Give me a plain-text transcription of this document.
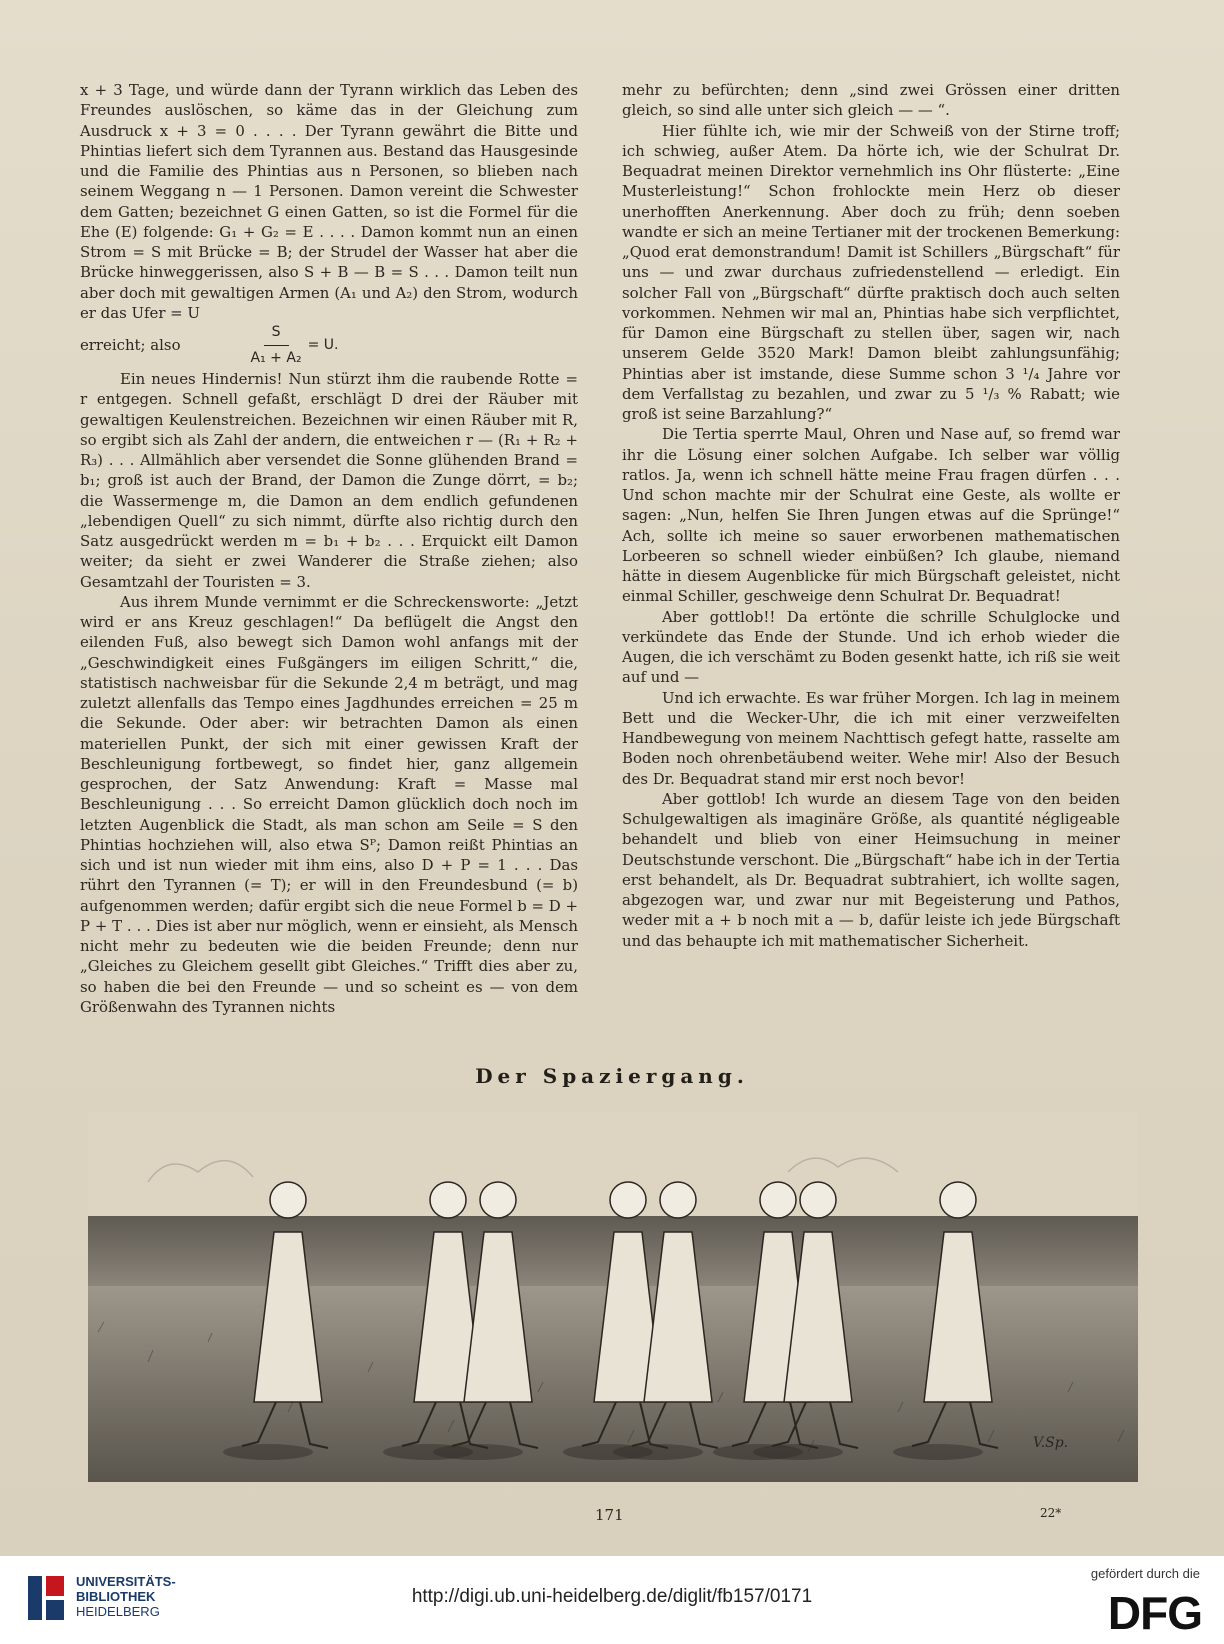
x + 3 Tage, und würde dann der Tyrann wirklich das Leben des Freundes auslöschen, so käme das in der Gleichung zum Ausdruck x + 3 = 0 . . . . Der Tyrann gewährt die Bitte und Phintias liefert sich dem Tyrannen aus. Bestand das Hausgesinde und die Familie des Phintias aus n Personen, so blieben nach seinem Weggang n — 1 Personen. Damon vereint die Schwester dem Gatten; bezeichnet G einen Gatten, so ist die Formel für die Ehe (E) folgende: G₁ + G₂ = E . . . . Damon kommt nun an einen Strom = S mit Brücke = B; der Strudel der Wasser hat aber die Brücke hinweggerissen, also S + B — B = S . . . Damon teilt nun aber doch mit gewaltigen Armen (A₁ und A₂) den Strom, wodurch er das Ufer = U

erreicht; also	$\frac{S}{\text{A₁ + A₂}} = U$.

Ein neues Hindernis! Nun stürzt ihm die raubende Rotte = r entgegen. Schnell gefaßt, erschlägt D drei der Räuber mit gewaltigen Keulenstreichen. Bezeichnen wir einen Räuber mit R, so ergibt sich als Zahl der andern, die entweichen r — (R₁ + R₂ + R₃) . . . Allmählich aber versendet die Sonne glühenden Brand = b₁; groß ist auch der Brand, der Damon die Zunge dörrt, = b₂; die Wassermenge m, die Damon an dem endlich gefundenen „lebendigen Quell“ zu sich nimmt, dürfte also richtig durch den Satz ausgedrückt werden m = b₁ + b₂ . . . Erquickt eilt Damon weiter; da sieht er zwei Wanderer die Straße ziehen; also Gesamtzahl der Touristen = 3.

Aus ihrem Munde vernimmt er die Schreckensworte: „Jetzt wird er ans Kreuz geschlagen!“ Da beflügelt die Angst den eilenden Fuß, also bewegt sich Damon wohl anfangs mit der „Geschwindigkeit eines Fußgängers im eiligen Schritt,“ die, statistisch nachweisbar für die Sekunde 2,4 m beträgt, und mag zuletzt allenfalls das Tempo eines Jagdhundes erreichen = 25 m die Sekunde. Oder aber: wir betrachten Damon als einen materiellen Punkt, der sich mit einer gewissen Kraft der Beschleunigung fortbewegt, so findet hier, ganz allgemein gesprochen, der Satz Anwendung: Kraft = Masse mal Beschleunigung . . . So erreicht Damon glücklich doch noch im letzten Augenblick die Stadt, als man schon am Seile = S den Phintias hochziehen will, also etwa Sᴾ; Damon reißt Phintias an sich und ist nun wieder mit ihm eins, also D + P = 1 . . . Das rührt den Tyrannen (= T); er will in den Freundesbund (= b) aufgenommen werden; dafür ergibt sich die neue Formel b = D + P + T . . . Dies ist aber nur möglich, wenn er einsieht, als Mensch nicht mehr zu bedeuten wie die beiden Freunde; denn nur „Gleiches zu Gleichem gesellt gibt Gleiches.“ Trifft dies aber zu, so haben die bei den Freunde — und so scheint es — von dem Größenwahn des Tyrannen nichts

mehr zu befürchten; denn „sind zwei Grössen einer dritten gleich, so sind alle unter sich gleich — — “.

Hier fühlte ich, wie mir der Schweiß von der Stirne troff; ich schwieg, außer Atem. Da hörte ich, wie der Schulrat Dr. Bequadrat meinen Direktor vernehmlich ins Ohr flüsterte: „Eine Musterleistung!“ Schon frohlockte mein Herz ob dieser unerhofften Anerkennung. Aber doch zu früh; denn soeben wandte er sich an meine Tertianer mit der trockenen Bemerkung: „Quod erat demonstrandum! Damit ist Schillers „Bürgschaft“ für uns — und zwar durchaus zufriedenstellend — erledigt. Ein solcher Fall von „Bürgschaft“ dürfte praktisch doch auch selten vorkommen. Nehmen wir mal an, Phintias habe sich verpflichtet, für Damon eine Bürgschaft zu stellen über, sagen wir, nach unserem Gelde 3520 Mark! Damon bleibt zahlungsunfähig; Phintias aber ist imstande, diese Summe schon 3 ¹/₄ Jahre vor dem Verfallstag zu bezahlen, und zwar zu 5 ¹/₃ % Rabatt; wie groß ist seine Barzahlung?“

Die Tertia sperrte Maul, Ohren und Nase auf, so fremd war ihr die Lösung einer solchen Aufgabe. Ich selber war völlig ratlos. Ja, wenn ich schnell hätte meine Frau fragen dürfen . . . Und schon machte mir der Schulrat eine Geste, als wollte er sagen: „Nun, helfen Sie Ihren Jungen etwas auf die Sprünge!“ Ach, sollte ich meine so sauer erworbenen mathematischen Lorbeeren so schnell wieder einbüßen? Ich glaube, niemand hätte in diesem Augenblicke für mich Bürgschaft geleistet, nicht einmal Schiller, geschweige denn Schulrat Dr. Bequadrat!

Aber gottlob!! Da ertönte die schrille Schulglocke und verkündete das Ende der Stunde. Und ich erhob wieder die Augen, die ich verschämt zu Boden gesenkt hatte, ich riß sie weit auf und —

Und ich erwachte. Es war früher Morgen. Ich lag in meinem Bett und die Wecker-Uhr, die ich mit einer verzweifelten Handbewegung von meinem Nachttisch gefegt hatte, rasselte am Boden noch ohrenbetäubend weiter. Wehe mir! Also der Besuch des Dr. Bequadrat stand mir erst noch bevor!

Aber gottlob! Ich wurde an diesem Tage von den beiden Schulgewaltigen als imaginäre Größe, als quantité négligeable behandelt und blieb von einer Heimsuchung in meiner Deutschstunde verschont. Die „Bürgschaft“ habe ich in der Tertia erst behandelt, als Dr. Bequadrat subtrahiert, ich wollte sagen, abgezogen war, und zwar nur mit Begeisterung und Pathos, weder mit a + b noch mit a — b, dafür leiste ich jede Bürgschaft und das behaupte ich mit mathematischer Sicherheit.

Der Spaziergang.
V.Sp.
171	22*
UNIVERSITÄTS-
BIBLIOTHEK
HEIDELBERG
http://digi.ub.uni-heidelberg.de/diglit/fb157/0171
gefördert durch die
DFG
